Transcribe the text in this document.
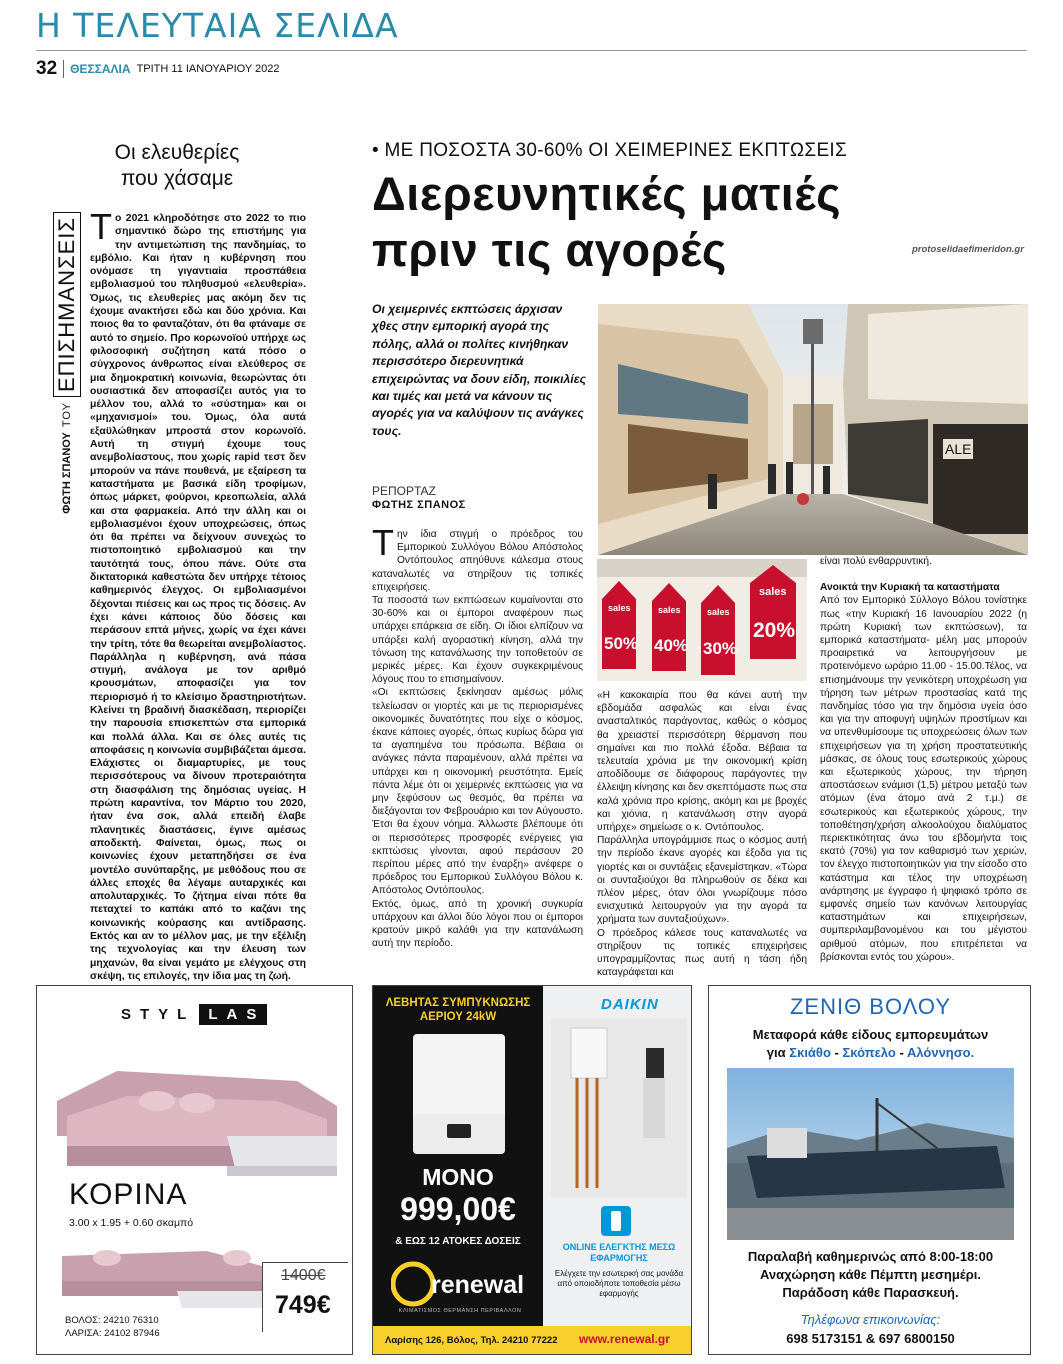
Η ΤΕΛΕΥΤΑΙΑ ΣΕΛΙΔΑ
32 ΘΕΣΣΑΛΙΑ ΤΡΙΤΗ 11 ΙΑΝΟΥΑΡΙΟΥ 2022
ΦΩΤΗ ΣΠΑΝΟΥ
ΤΟΥ
ΕΠΙΣΗΜΑΝΣΕΙΣ
Οι ελευθερίες
που χάσαμε
Το 2021 κληροδότησε στο 2022 το πιο σημαντικό δώρο της επιστήμης για την αντιμετώπιση της πανδημίας, το εμβόλιο. Και ήταν η κυβέρνηση που ονόμασε τη γιγαντιαία προσπάθεια εμβολιασμού του πληθυσμού «ελευθερία». Όμως, τις ελευθερίες μας ακόμη δεν τις έχουμε ανακτήσει εδώ και δύο χρόνια. Και ποιος θα το φανταζόταν, ότι θα φτάναμε σε αυτό το σημείο. Προ κορωνοϊού υπήρχε ως φιλοσοφική συζήτηση κατά πόσο ο σύγχρονος άνθρωπος είναι ελεύθερος σε μια δημοκρατική κοινωνία, θεωρώντας ότι ουσιαστικά δεν αποφασίζει αυτός για το μέλλον του, αλλά το «σύστημα» και οι «μηχανισμοί» του. Όμως, όλα αυτά εξαϋλώθηκαν μπροστά στον κορωνοϊό. Αυτή τη στιγμή έχουμε τους ανεμβολίαστους, που χωρίς rapid τεστ δεν μπορούν να πάνε πουθενά, με εξαίρεση τα καταστήματα με βασικά είδη τροφίμων, όπως μάρκετ, φούρνοι, κρεοπωλεία, αλλά και στα φαρμακεία. Από την άλλη και οι εμβολιασμένοι έχουν υποχρεώσεις, όπως ότι θα πρέπει να δείχνουν συνεχώς το πιστοποιητικό εμβολιασμού και την ταυτότητά τους, όπου πάνε. Ούτε στα δικτατορικά καθεστώτα δεν υπήρχε τέτοιος καθημερινός έλεγχος. Οι εμβολιασμένοι δέχονται πιέσεις και ως προς τις δόσεις. Αν έχει κάνει κάποιος δύο δόσεις και περάσουν επτά μήνες, χωρίς να έχει κάνει την τρίτη, τότε θα θεωρείται ανεμβολίαστος. Παράλληλα η κυβέρνηση, ανά πάσα στιγμή, ανάλογα με τον αριθμό κρουσμάτων, αποφασίζει για τον περιορισμό ή το κλείσιμο δραστηριοτήτων. Κλείνει τη βραδινή διασκέδαση, περιορίζει την παρουσία επισκεπτών στα εμπορικά και πολλά άλλα. Και σε όλες αυτές τις αποφάσεις η κοινωνία συμβιβάζεται άμεσα. Ελάχιστες οι διαμαρτυρίες, με τους περισσότερους να δίνουν προτεραιότητα στη διασφάλιση της δημόσιας υγείας. Η πρώτη καραντίνα, τον Μάρτιο του 2020, ήταν ένα σοκ, αλλά επειδή έλαβε πλανητικές διαστάσεις, έγινε αμέσως αποδεκτή. Φαίνεται, όμως, πως οι κοινωνίες έχουν μεταπηδήσει σε ένα μοντέλο συνύπαρξης, με μεθόδους που σε άλλες εποχές θα λέγαμε αυταρχικές και απολυταρχικές. Το ζήτημα είναι πότε θα πεταχτεί το καπάκι από το καζάνι της κοινωνικής κούρασης και αντίδρασης. Εκτός και αν το μέλλον μας, με την εξέλιξη της τεχνολογίας και την έλευση των μηχανών, θα είναι γεμάτο με ελέγχους στη σκέψη, τις επιλογές, την ίδια μας τη ζωή.
• ΜΕ ΠΟΣΟΣΤΑ 30-60% ΟΙ ΧΕΙΜΕΡΙΝΕΣ ΕΚΠΤΩΣΕΙΣ
Διερευνητικές ματιές
πριν τις αγορές	protoselidaefimeridon.gr
Οι χειμερινές εκπτώσεις άρχισαν χθες στην εμπορική αγορά της πόλης, αλλά οι πολίτες κινήθηκαν περισσότερο διερευνητικά επιχειρώντας να δουν είδη, ποικιλίες και τιμές και μετά να κάνουν τις αγορές για να καλύψουν τις ανάγκες τους.
ALE
ΡΕΠΟΡΤΑΖ
ΦΩΤΗΣ ΣΠΑΝΟΣ

Την ίδια στιγμή ο πρόεδρος του Εμπορικού Συλλόγου Βόλου Απόστολος Οντόπουλος απηύθυνε κάλεσμα στους καταναλωτές να στηρίξουν τις τοπικές επιχειρήσεις.

Τα ποσοστά των εκπτώσεων κυμαίνονται στο 30-60% και οι έμποροι αναφέρουν πως υπάρχει επάρκεια σε είδη. Οι ίδιοι ελπίζουν να υπάρξει καλή αγοραστική κίνηση, αλλά την τόνωση της κατανάλωσης την τοποθετούν σε μερικές μέρες. Και έχουν συγκεκριμένους λόγους που το επισημαίνουν.

«Οι εκπτώσεις ξεκίνησαν αμέσως μόλις τελείωσαν οι γιορτές και με τις περιορισμένες οικονομικές δυνατότητες που είχε ο κόσμος, έκανε κάποιες αγορές, όπως κυρίως δώρα για τα αγαπημένα του πρόσωπα. Βέβαια οι ανάγκες πάντα παραμένουν, αλλά πρέπει να υπάρχει και η οικονομική ρευστότητα. Εμείς πάντα λέμε ότι οι χειμερινές εκπτώσεις για να μην ξεφύσουν ως θεσμός, θα πρέπει να διεξάγονται τον Φεβρουάριο και τον Αύγουστο. Έτσι θα έχουν νόημα. Άλλωστε βλέπουμε ότι οι περισσότερες προσφορές ενέργειες για εκπτώσεις γίνονται, αφού περάσουν 20 περίπου μέρες από την έναρξη» ανέφερε ο πρόεδρος του Εμπορικού Συλλόγου Βόλου κ. Απόστολος Οντόπουλος.

Εκτός, όμως, από τη χρονική συγκυρία υπάρχουν και άλλοι δύο λόγοι που οι έμποροι κρατούν μικρό καλάθι για την κατανάλωση αυτή την περίοδο.

sales
50%
sales
40%
sales
30%
sales
20%

«Η κακοκαιρία που θα κάνει αυτή την εβδομάδα ασφαλώς και είναι ένας ανασταλτικός παράγοντας, καθώς ο κόσμος θα χρειαστεί περισσότερη θέρμανση που σημαίνει και πιο πολλά έξοδα. Βέβαια τα τελευταία χρόνια με την οικονομική κρίση αποδίδουμε σε διάφορους παράγοντες την έλλειψη κίνησης και δεν σκεπτόμαστε πως στα καλά χρόνια προ κρίσης, ακόμη και με βροχές και χιόνια, η κατανάλωση στην αγορά υπήρχε» σημείωσε ο κ. Οντόπουλος.

Παράλληλα υπογράμμισε πως ο κόσμος αυτή την περίοδο έκανε αγορές και έξοδα για τις γιορτές και οι συντάξεις εξανεμίστηκαν. «Τώρα οι συνταξιούχοι θα πληρωθούν σε δέκα και πλέον μέρες, όταν όλοι γνωρίζουμε πόσο ενισχυτικά λειτουργούν για την αγορά τα χρήματα των συνταξιούχων».

Ο πρόεδρος κάλεσε τους καταναλωτές να στηρίξουν τις τοπικές επιχειρήσεις υπογραμμίζοντας πως αυτή η τάση ήδη καταγράφεται και

είναι πολύ ενθαρρυντική.

Ανοικτά την Κυριακή τα καταστήματα

Από τον Εμπορικό Σύλλογο Βόλου τονίστηκε πως «την Κυριακή 16 Ιανουαρίου 2022 (η πρώτη Κυριακή των εκπτώσεων), τα εμπορικά καταστήματα- μέλη μας μπορούν προαιρετικά να λειτουργήσουν με προτεινόμενο ωράριο 11.00 - 15.00.Τέλος, να επισημάνουμε την γενικότερη υποχρέωση για τήρηση των μέτρων προστασίας κατά της πανδημίας τόσο για την δημόσια υγεία όσο και για την αποφυγή υψηλών προστίμων και να υπενθυμίσουμε τις υποχρεώσεις όλων των επιχειρήσεων για τη χρήση προστατευτικής μάσκας, σε όλους τους εσωτερικούς χώρους και εξωτερικούς χώρους, την τήρηση αποστάσεων ενάμισι (1,5) μέτρου μεταξύ των ατόμων (ένα άτομο ανά 2 τ.μ.) σε εσωτερικούς και εξωτερικούς χώρους, την τοποθέτηση/χρήση αλκοολούχου διαλύματος περιεκτικότητας άνω του εβδομήντα τοις εκατό (70%) για τον καθαρισμό των χεριών, τον έλεγχο πιστοποιητικών για την είσοδο στο κατάστημα και τέλος την υποχρέωση ανάρτησης με έγγραφο ή ψηφιακό τρόπο σε εμφανές σημείο των κανόνων λειτουργίας καταστημάτων και επιχειρήσεων, συμπεριλαμβανομένου και του μέγιστου αριθμού ατόμων, που επιτρέπεται να βρίσκονται εντός του χώρου».

STYL LAS
ΚΟΡΙΝΑ
3.00 x 1.95 + 0.60 σκαμπό
ΒΟΛΟΣ: 24210 76310
ΛΑΡΙΣΑ: 24102 87946
1400€
749€
ΛΕΒΗΤΑΣ ΣΥΜΠΥΚΝΩΣΗΣ
ΑΕΡΙΟΥ 24kW
ΜΟΝΟ
999,00€
& ΕΩΣ 12 ΑΤΟΚΕΣ ΔΟΣΕΙΣ
renewal
ΚΛΙΜΑΤΙΣΜΟΣ ΘΕΡΜΑΝΣΗ ΠΕΡΙΒΑΛΛΟΝ
DAIKIN
ONLINE ΕΛΕΓΚΤΗΣ ΜΕΣΩ ΕΦΑΡΜΟΓΗΣ
Ελέγχετε την εσωτερική σας μονάδα από οποιοδήποτε τοποθεσία μέσω εφαρμογής
Λαρίσης 126, Βόλος, Τηλ. 24210 77222 www.renewal.gr
ΖΕΝΙΘ ΒΟΛΟΥ
Μεταφορά κάθε είδους εμπορευμάτων
για Σκιάθο - Σκόπελο - Αλόννησο.
Παραλαβή καθημερινώς από 8:00-18:00
Αναχώρηση κάθε Πέμπτη μεσημέρι.
Παράδοση κάθε Παρασκευή.
Τηλέφωνα επικοινωνίας:
698 5173151 & 697 6800150
